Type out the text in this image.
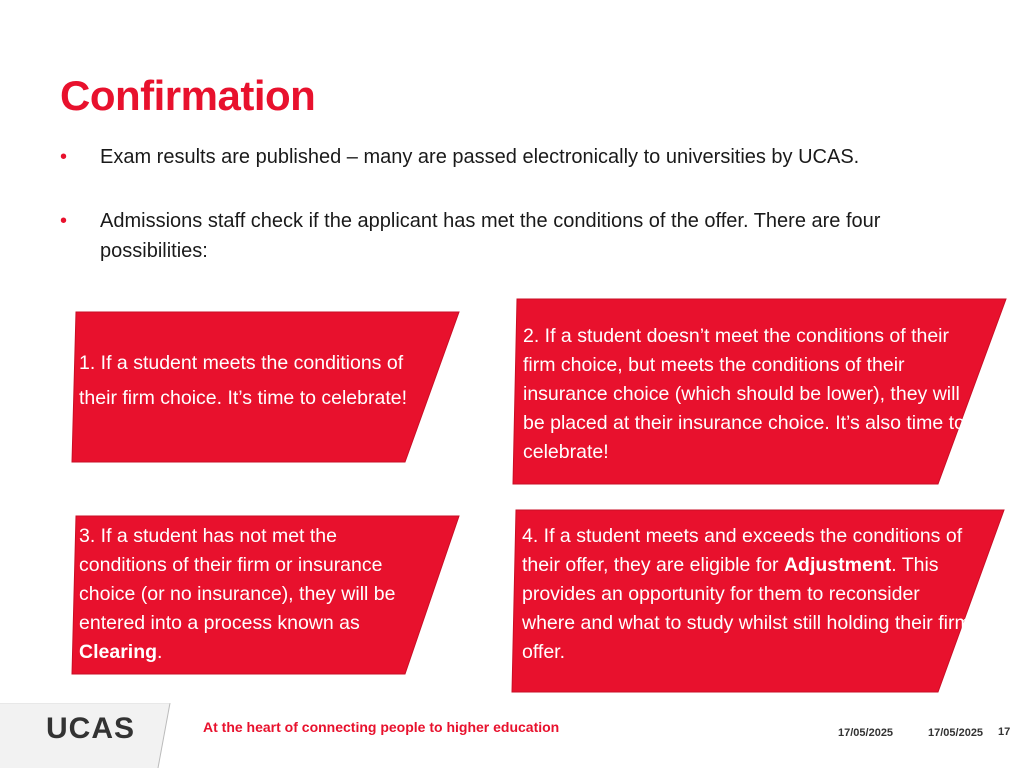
Confirmation
• Exam results are published – many are passed electronically to universities by UCAS.
• Admissions staff check if the applicant has met the conditions of the offer. There are four possibilities:
1. If a student meets the conditions of their firm choice. It’s time to celebrate!
2. If a student doesn’t meet the conditions of their firm choice, but meets the conditions of their insurance choice (which should be lower), they will be placed at their insurance choice. It’s also time to celebrate!
3. If a student has not met the conditions of their firm or insurance choice (or no insurance), they will be entered into a process known as Clearing.
4. If a student meets and exceeds the conditions of their offer, they are eligible for Adjustment. This provides an opportunity for them to reconsider where and what to study whilst still holding their firm offer.
UCAS	At the heart of connecting people to higher education	17/05/2025	17/05/2025 17
